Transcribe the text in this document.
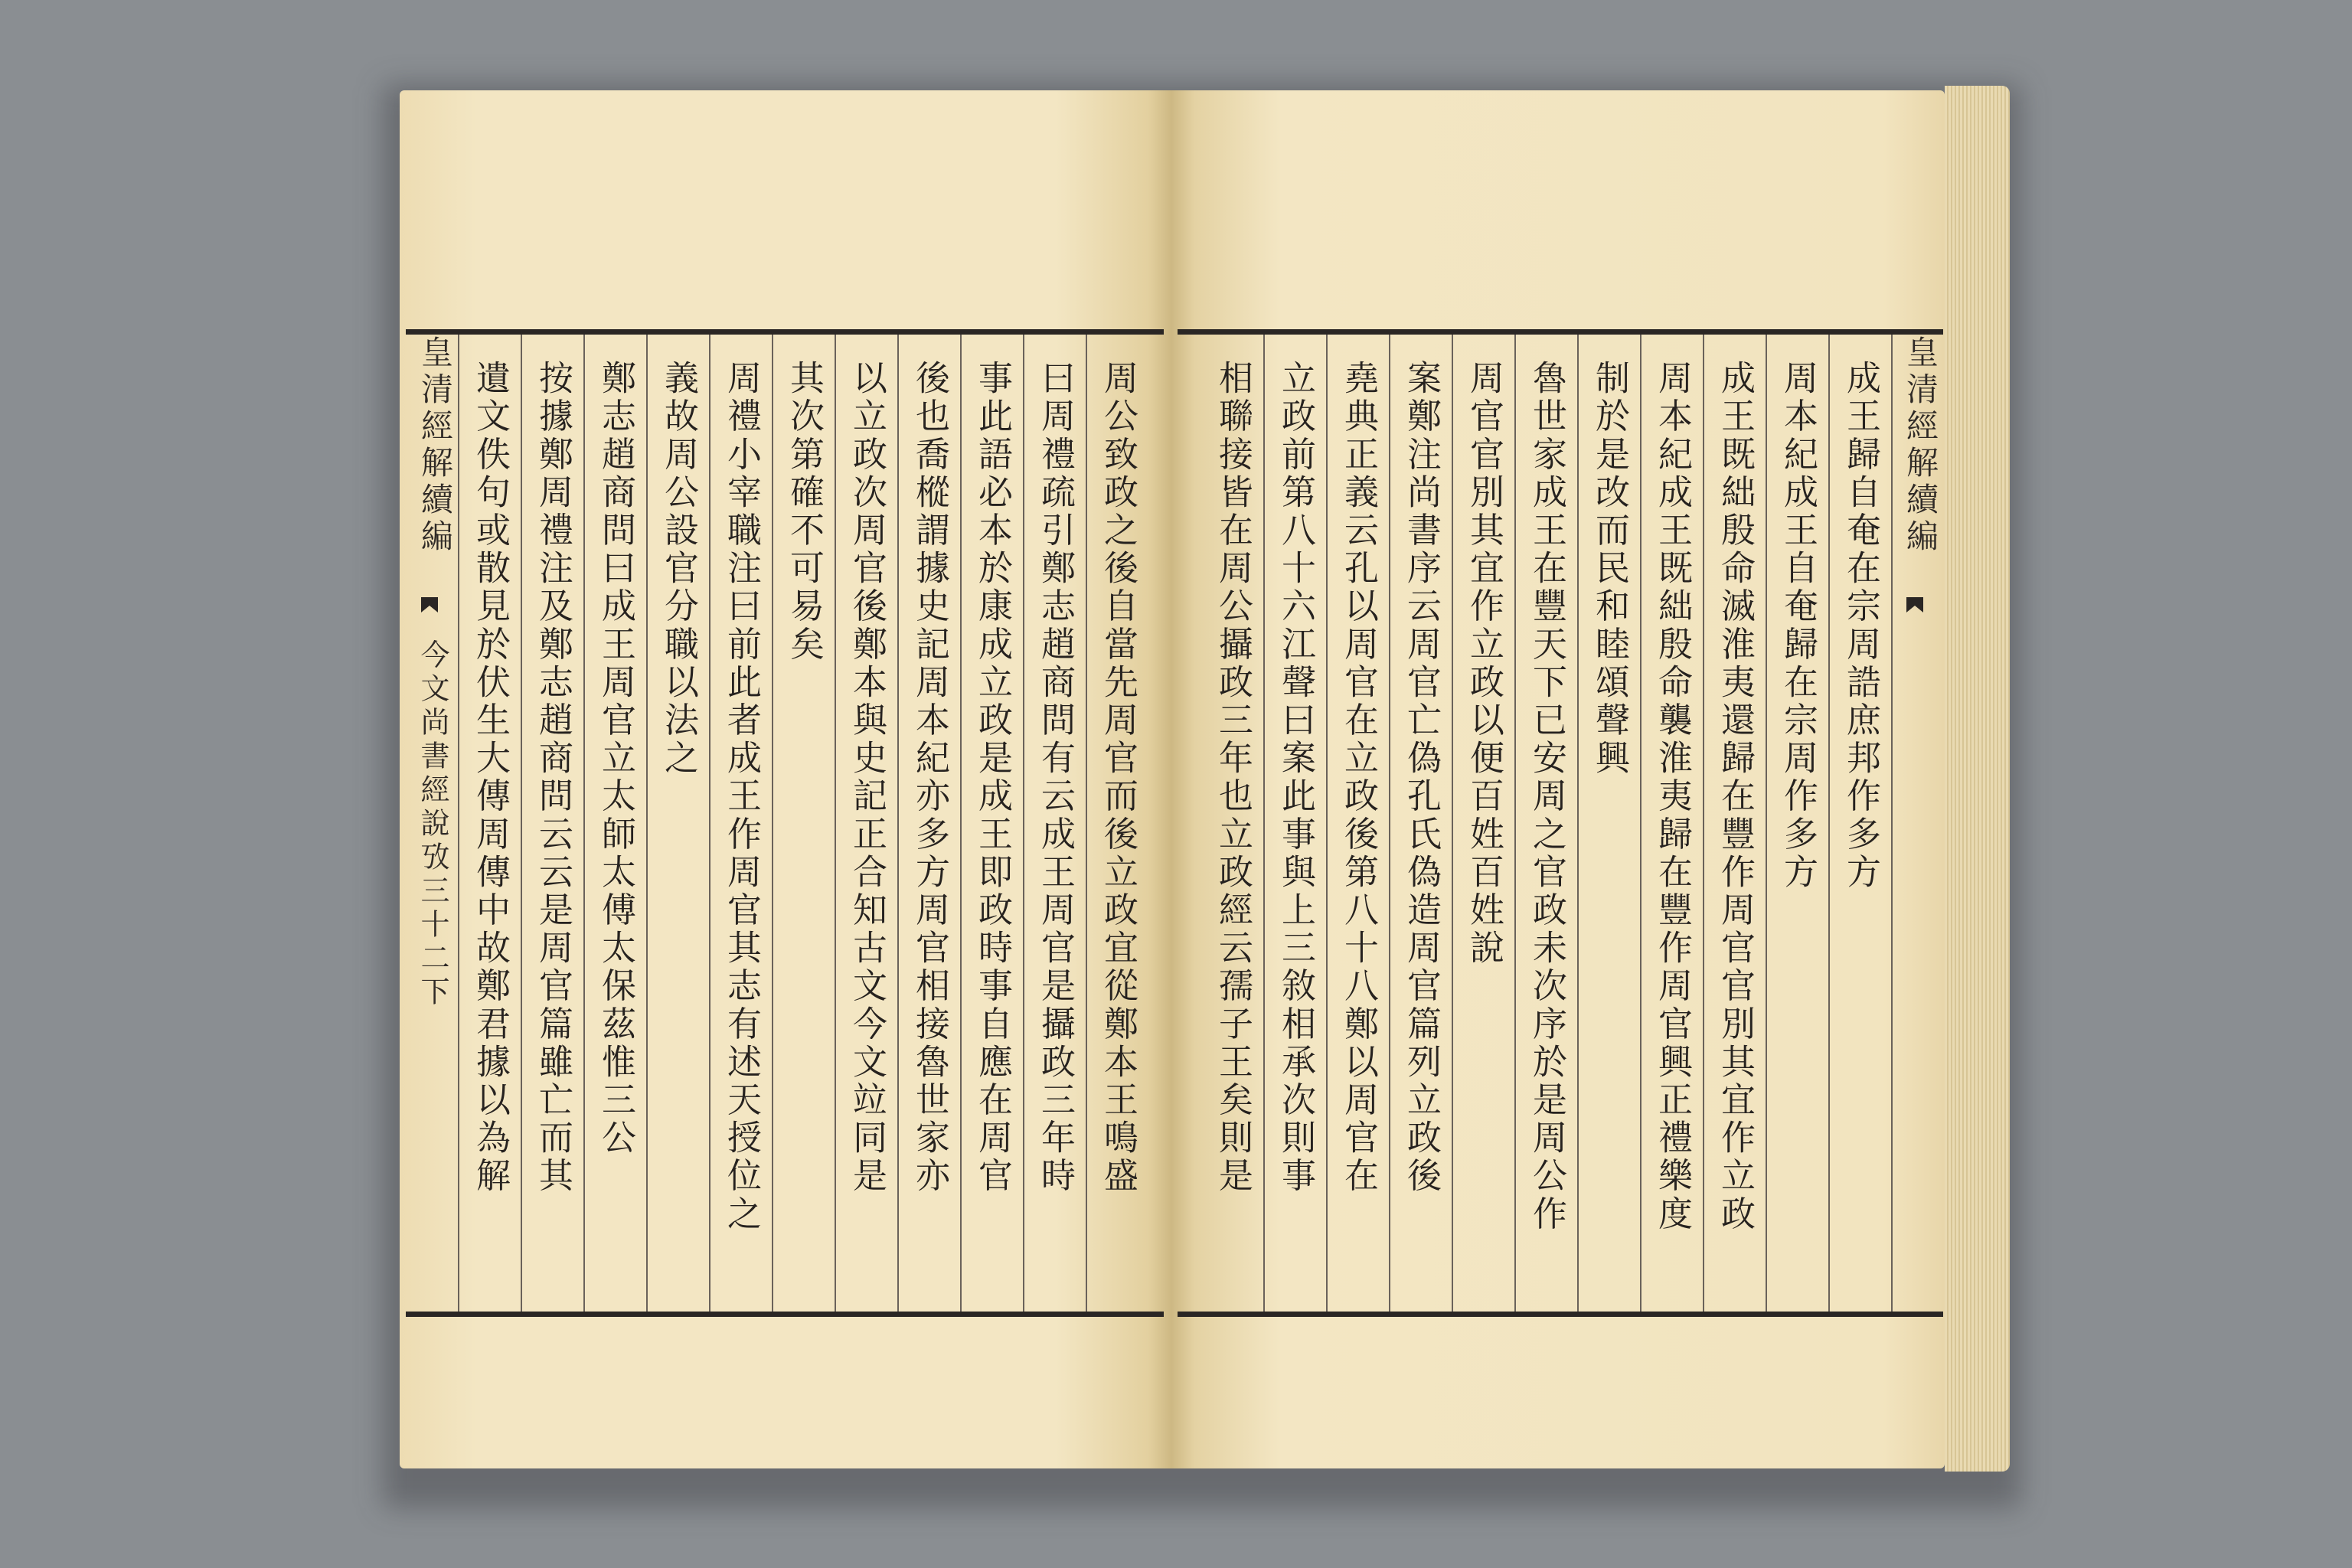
皇清經解續編
今文尚書經說攷三十二下	周公致政之後自當先周官而後立政宜從鄭本王鳴盛
曰周禮疏引鄭志趙商問有云成王周官是攝政三年時
事此語必本於康成立政是成王即政時事自應在周官
後也喬樅謂據史記周本紀亦多方周官相接魯世家亦
以立政次周官後鄭本與史記正合知古文今文竝同是
其次第確不可易矣
周禮小宰職注曰前此者成王作周官其志有述天授位之
義故周公設官分職以法之
鄭志趙商問曰成王周官立太師太傅太保茲惟三公
按據鄭周禮注及鄭志趙商問云云是周官篇雖亡而其
遺文佚句或散見於伏生大傳周傳中故鄭君據以為解	皇清經解續編
成王歸自奄在宗周誥庶邦作多方
周本紀成王自奄歸在宗周作多方
成王既絀殷命滅淮夷還歸在豐作周官官別其宜作立政
周本紀成王既絀殷命襲淮夷歸在豐作周官興正禮樂度
制於是改而民和睦頌聲興
魯世家成王在豐天下已安周之官政未次序於是周公作
周官官別其宜作立政以便百姓百姓說
案鄭注尚書序云周官亡偽孔氏偽造周官篇列立政後
堯典正義云孔以周官在立政後第八十八鄭以周官在
立政前第八十六江聲曰案此事與上三敘相承次則事
相聯接皆在周公攝政三年也立政經云孺子王矣則是
